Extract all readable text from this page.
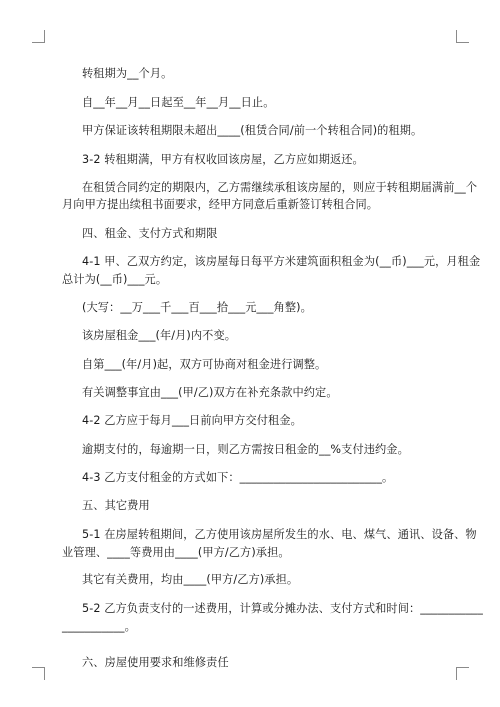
转租期为__个月。
自__年__月__日起至__年__月__日止。
甲方保证该转租期限未超出____(租赁合同/前一个转租合同)的租期。
3-2 转租期满，甲方有权收回该房屋，乙方应如期返还。
在租赁合同约定的期限内，乙方需继续承租该房屋的，则应于转租期届满前__个
月向甲方提出续租书面要求，经甲方同意后重新签订转租合同。
四、租金、支付方式和期限
4-1 甲、乙双方约定，该房屋每日每平方米建筑面积租金为(__币)___元，月租金
总计为(__币)___元。
(大写：__万___千___百___拾___元___角整)。
该房屋租金___(年/月)内不变。
自第___(年/月)起，双方可协商对租金进行调整。
有关调整事宜由___(甲/乙)双方在补充条款中约定。
4-2 乙方应于每月___日前向甲方交付租金。
逾期支付的，每逾期一日，则乙方需按日租金的__%支付违约金。
4-3 乙方支付租金的方式如下：_________________________。
五、其它费用
5-1 在房屋转租期间，乙方使用该房屋所发生的水、电、煤气、通讯、设备、物
业管理、____等费用由____(甲方/乙方)承担。
其它有关费用，均由____(甲方/乙方)承担。
5-2 乙方负责支付的一述费用，计算或分摊办法、支付方式和时间：___________
___________。
六、房屋使用要求和维修责任
